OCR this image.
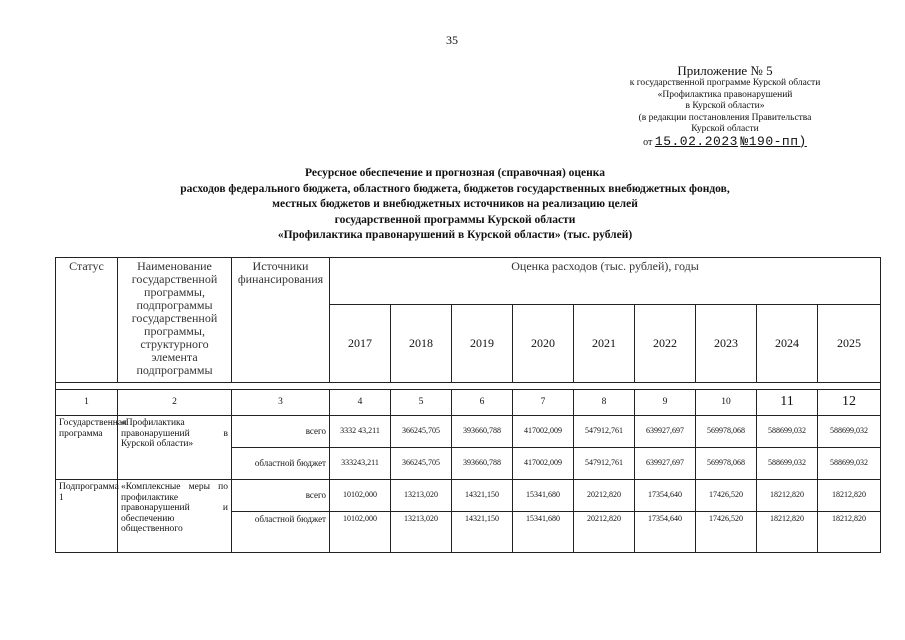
35
Приложение № 5
к государственной программе Курской области
«Профилактика правонарушений
в Курской области»
(в редакции постановления Правительства
Курской области
от 15.02.2023 №190-пп)
Ресурсное обеспечение и прогнозная (справочная) оценка
расходов федерального бюджета, областного бюджета, бюджетов государственных внебюджетных фондов,
местных бюджетов и внебюджетных источников на реализацию целей
государственной программы Курской области
«Профилактика правонарушений в Курской области» (тыс. рублей)
Статус	Наименование государственной программы, подпрограммы государственной программы, структурного элемента подпрограммы	Источники финансирования	Оценка расходов (тыс. рублей), годы								
			2017	2018	2019	2020	2021	2022	2023	2024	2025

1	2	3	4	5	6	7	8	9	10	11	12
Государственная программа	«Профилактика правонарушений в Курской области»	всего	3332 43,211	366245,705	393660,788	417002,009	547912,761	639927,697	569978,068	588699,032	588699,032
		областной бюджет	333243,211	366245,705	393660,788	417002,009	547912,761	639927,697	569978,068	588699,032	588699,032
Подпрограмма 1	«Комплексные меры по профилактике правонарушений и обеспечению общественного	всего	10102,000	13213,020	14321,150	15341,680	20212,820	17354,640	17426,520	18212,820	18212,820
		областной бюджет	10102,000	13213,020	14321,150	15341,680	20212,820	17354,640	17426,520	18212,820	18212,820
